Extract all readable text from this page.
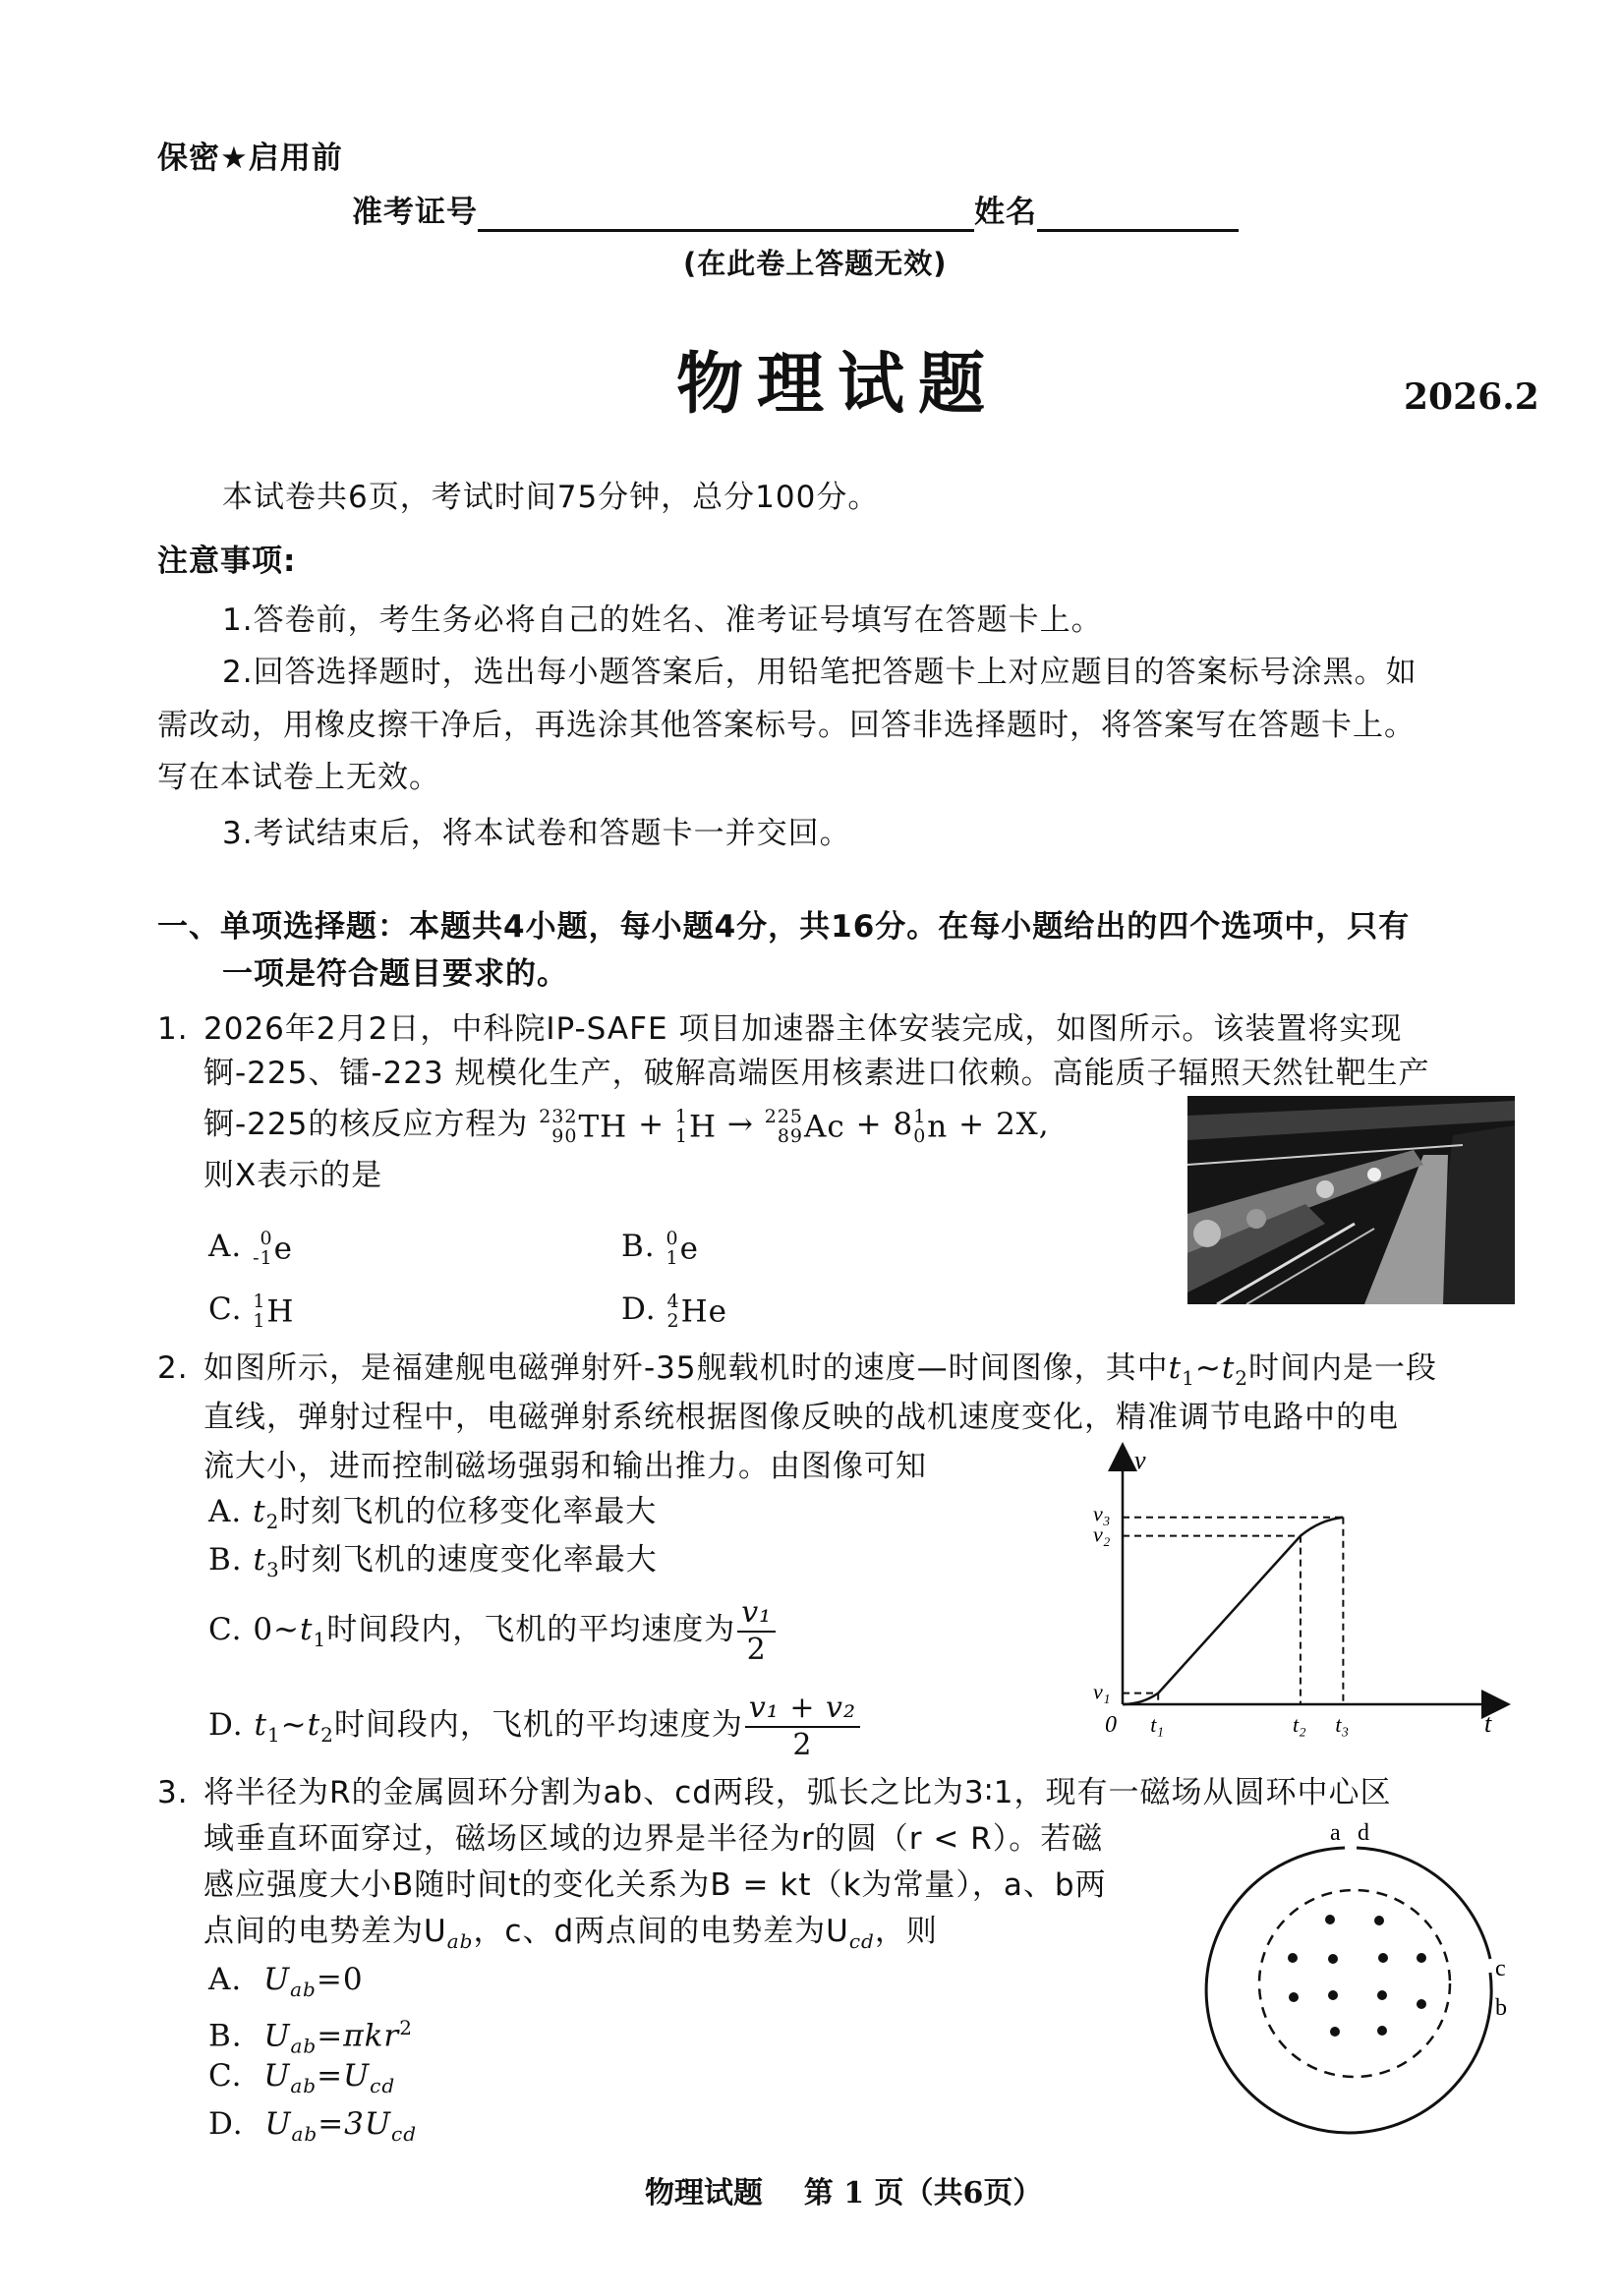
保密★启用前
准考证号	姓名
(在此卷上答题无效)
物理试题	2026.2
本试卷共6页，考试时间75分钟，总分100分。
注意事项:
1.答卷前，考生务必将自己的姓名、准考证号填写在答题卡上。
2.回答选择题时，选出每小题答案后，用铅笔把答题卡上对应题目的答案标号涂黑。如
需改动，用橡皮擦干净后，再选涂其他答案标号。回答非选择题时，将答案写在答题卡上。
写在本试卷上无效。
3.考试结束后，将本试卷和答题卡一并交回。
一、单项选择题：本题共4小题，每小题4分，共16分。在每小题给出的四个选项中，只有
一项是符合题目要求的。
1. 2026年2月2日，中科院IP-SAFE 项目加速器主体安装完成，如图所示。该装置将实现
锕-225、镭-223 规模化生产，破解高端医用核素进口依赖。高能质子辐照天然钍靶生产
锕-225的核反应方程为 232
90 TH + 1
1 H → 225
89 Ac + 8 1
0 n + 2X,
则X表示的是
A. 0
-1 e	B. 0
1 e
C. 1
1 H	D. 4
2 He
2. 如图所示，是福建舰电磁弹射歼-35舰载机时的速度—时间图像，其中$t_1\sim t_2$时间内是一段
直线，弹射过程中，电磁弹射系统根据图像反映的战机速度变化，精准调节电路中的电
流大小，进而控制磁场强弱和输出推力。由图像可知
A. $t_2$时刻飞机的位移变化率最大
B. $t_3$时刻飞机的速度变化率最大
C. $0\sim t_1$时间段内，飞机的平均速度为 $\frac{\text{v₁}}{2}$
D. $t_1\sim t_2$时间段内，飞机的平均速度为 $\frac{\text{v₁ + v₂}}{2}$
v
t
0
v₁
v₂
v₃
t₁	t₂ t₃
3. 将半径为R的金属圆环分割为ab、cd两段，弧长之比为3∶1，现有一磁场从圆环中心区
域垂直环面穿过，磁场区域的边界是半径为r的圆（r < R）。若磁
感应强度大小B随时间t的变化关系为B = kt（k为常量），a、b两
点间的电势差为$U_{ab}$，c、d两点间的电势差为$U_{cd}$，则
A. $U_{ab}=0$
B. $U_{ab}=\pi kr^2$
C. $U_{ab}=U_{cd}$
D. $U_{ab}=3U_{cd}$
a d
c
b
物理试题 第 1 页（共6页）
